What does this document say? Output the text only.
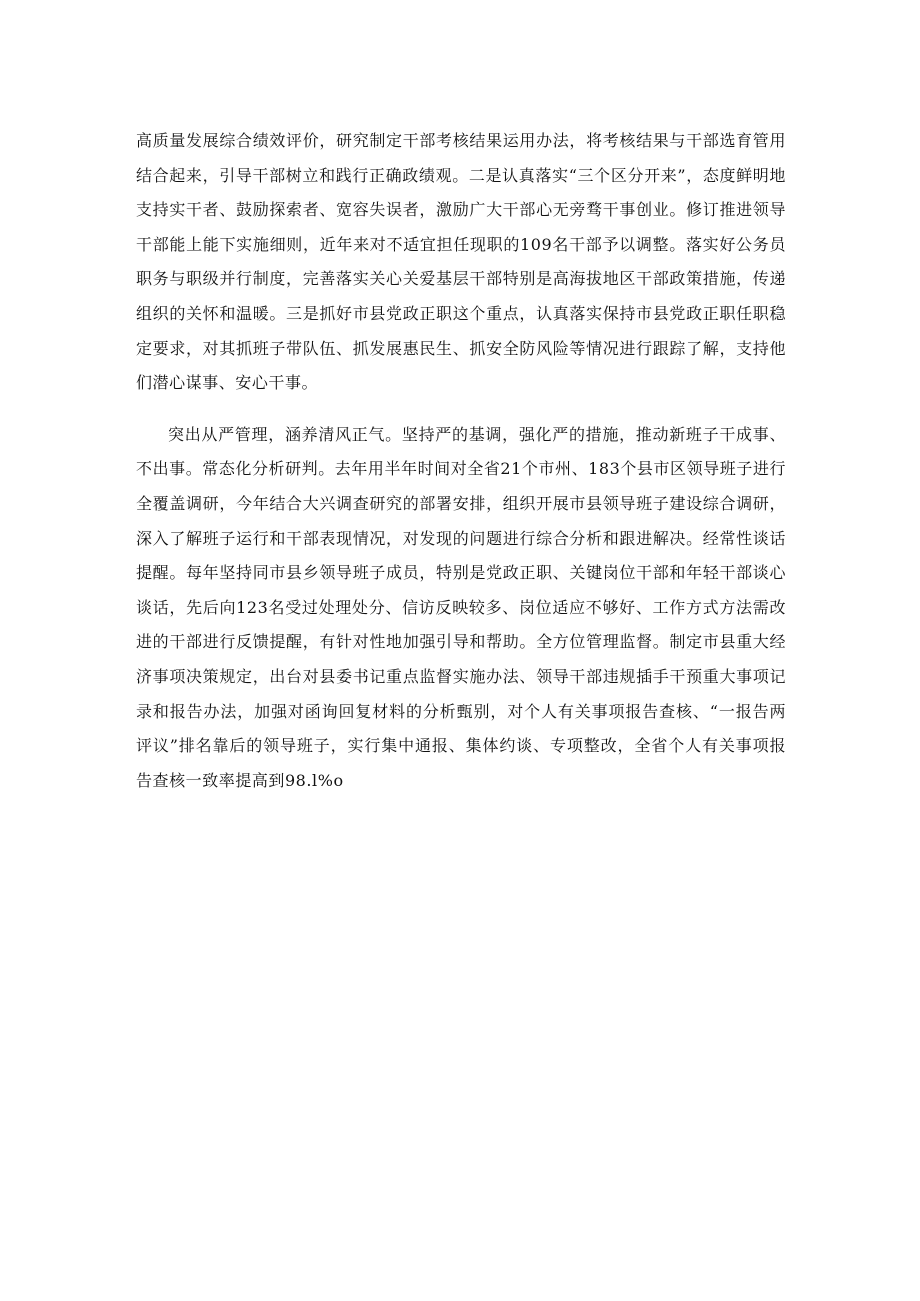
高质量发展综合绩效评价，研究制定干部考核结果运用办法，将考核结果与干部选育管用结合起来，引导干部树立和践行正确政绩观。二是认真落实“三个区分开来”，态度鲜明地支持实干者、鼓励探索者、宽容失误者，激励广大干部心无旁骛干事创业。修订推进领导干部能上能下实施细则，近年来对不适宜担任现职的109名干部予以调整。落实好公务员职务与职级并行制度，完善落实关心关爱基层干部特别是高海拔地区干部政策措施，传递组织的关怀和温暖。三是抓好市县党政正职这个重点，认真落实保持市县党政正职任职稳定要求，对其抓班子带队伍、抓发展惠民生、抓安全防风险等情况进行跟踪了解，支持他们潜心谋事、安心干事。

突出从严管理，涵养清风正气。坚持严的基调，强化严的措施，推动新班子干成事、不出事。常态化分析研判。去年用半年时间对全省21个市州、183个县市区领导班子进行全覆盖调研，今年结合大兴调查研究的部署安排，组织开展市县领导班子建设综合调研，深入了解班子运行和干部表现情况，对发现的问题进行综合分析和跟进解决。经常性谈话提醒。每年坚持同市县乡领导班子成员，特别是党政正职、关键岗位干部和年轻干部谈心谈话，先后向123名受过处理处分、信访反映较多、岗位适应不够好、工作方式方法需改进的干部进行反馈提醒，有针对性地加强引导和帮助。全方位管理监督。制定市县重大经济事项决策规定，出台对县委书记重点监督实施办法、领导干部违规插手干预重大事项记录和报告办法，加强对函询回复材料的分析甄别，对个人有关事项报告查核、“一报告两评议”排名靠后的领导班子，实行集中通报、集体约谈、专项整改，全省个人有关事项报告查核一致率提高到98.l%o
